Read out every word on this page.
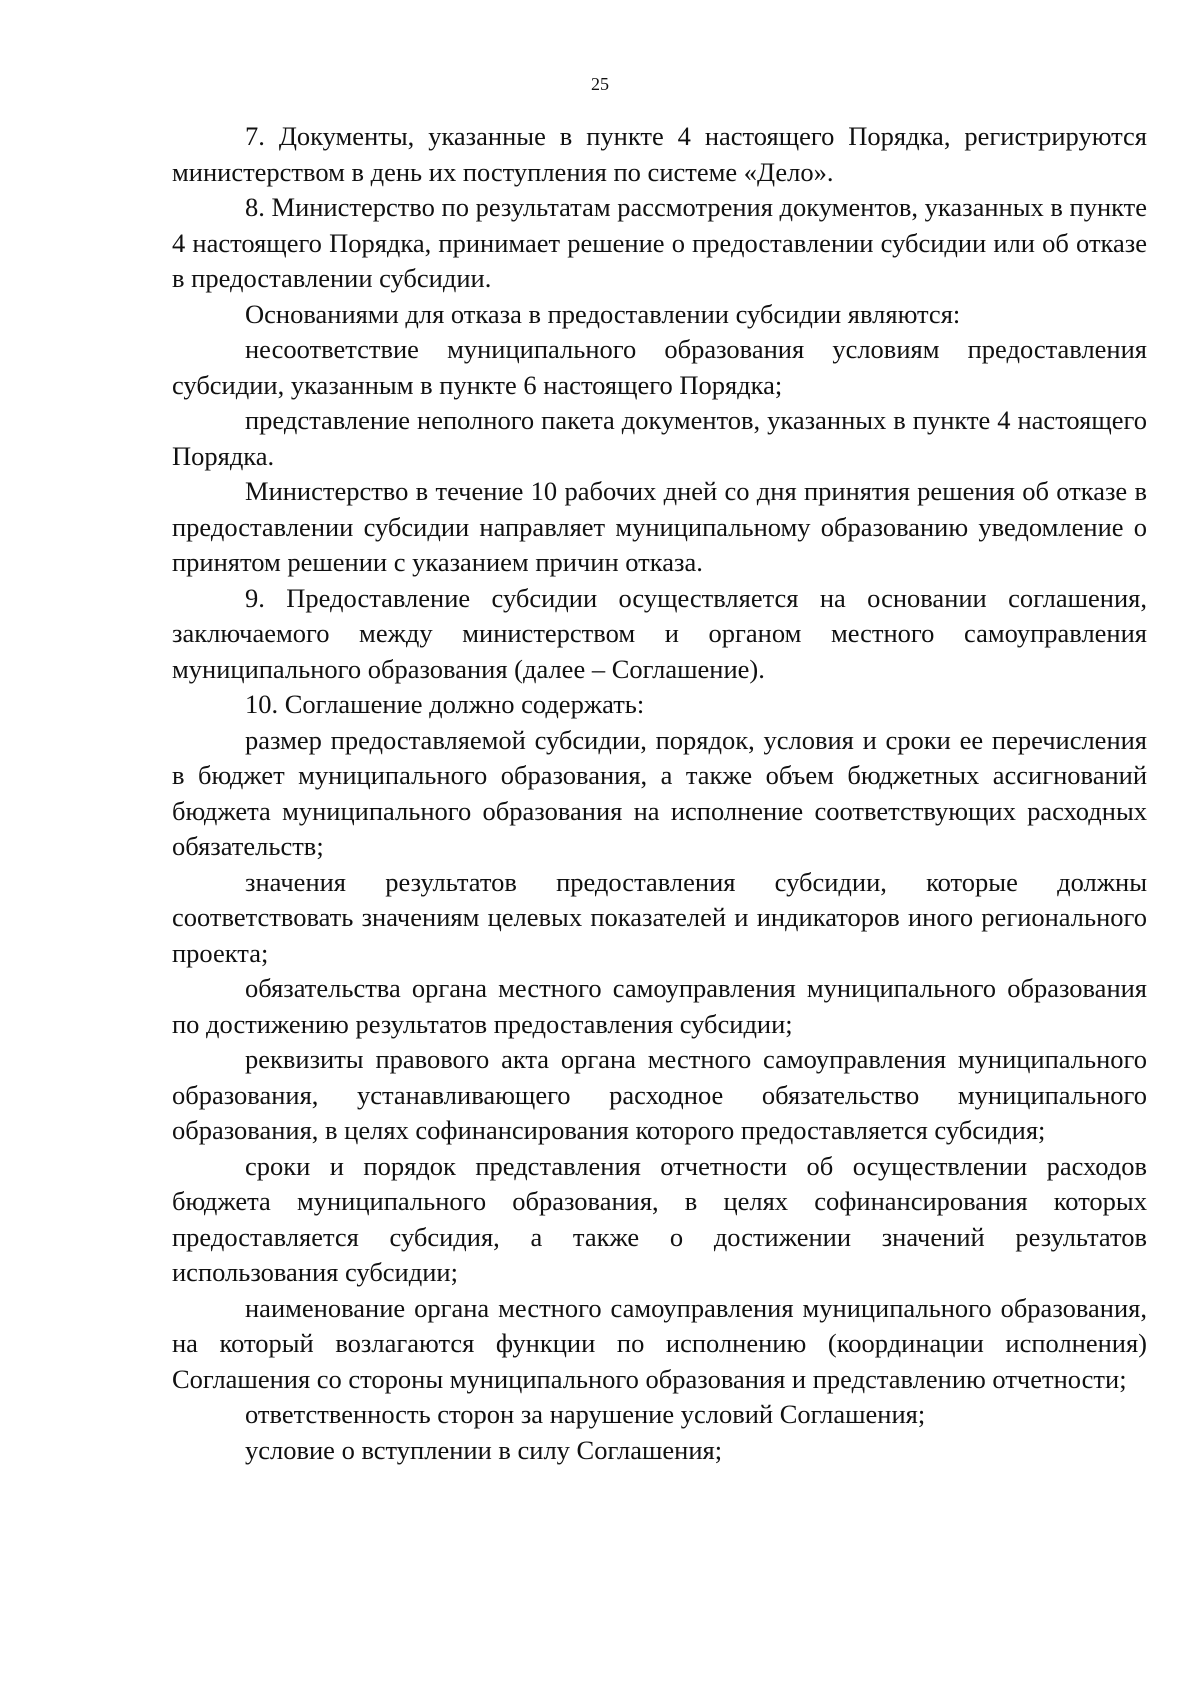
25

7. Документы, указанные в пункте 4 настоящего Порядка, регистрируются министерством в день их поступления по системе «Дело».

8. Министерство по результатам рассмотрения документов, указанных в пункте 4 настоящего Порядка, принимает решение о предоставлении субсидии или об отказе в предоставлении субсидии.

Основаниями для отказа в предоставлении субсидии являются:

несоответствие муниципального образования условиям предоставления субсидии, указанным в пункте 6 настоящего Порядка;

представление неполного пакета документов, указанных в пункте 4 настоящего Порядка.

Министерство в течение 10 рабочих дней со дня принятия решения об отказе в предоставлении субсидии направляет муниципальному образованию уведомление о принятом решении с указанием причин отказа.

9. Предоставление субсидии осуществляется на основании соглашения, заключаемого между министерством и органом местного самоуправления муниципального образования (далее – Соглашение).

10. Соглашение должно содержать:

размер предоставляемой субсидии, порядок, условия и сроки ее перечисления в бюджет муниципального образования, а также объем бюджетных ассигнований бюджета муниципального образования на исполнение соответствующих расходных обязательств;

значения результатов предоставления субсидии, которые должны соответствовать значениям целевых показателей и индикаторов иного регионального проекта;

обязательства органа местного самоуправления муниципального образования по достижению результатов предоставления субсидии;

реквизиты правового акта органа местного самоуправления муниципального образования, устанавливающего расходное обязательство муниципального образования, в целях софинансирования которого предоставляется субсидия;

сроки и порядок представления отчетности об осуществлении расходов бюджета муниципального образования, в целях софинансирования которых предоставляется субсидия, а также о достижении значений результатов использования субсидии;

наименование органа местного самоуправления муниципального образования, на который возлагаются функции по исполнению (координации исполнения) Соглашения со стороны муниципального образования и представлению отчетности;

ответственность сторон за нарушение условий Соглашения;

условие о вступлении в силу Соглашения;
